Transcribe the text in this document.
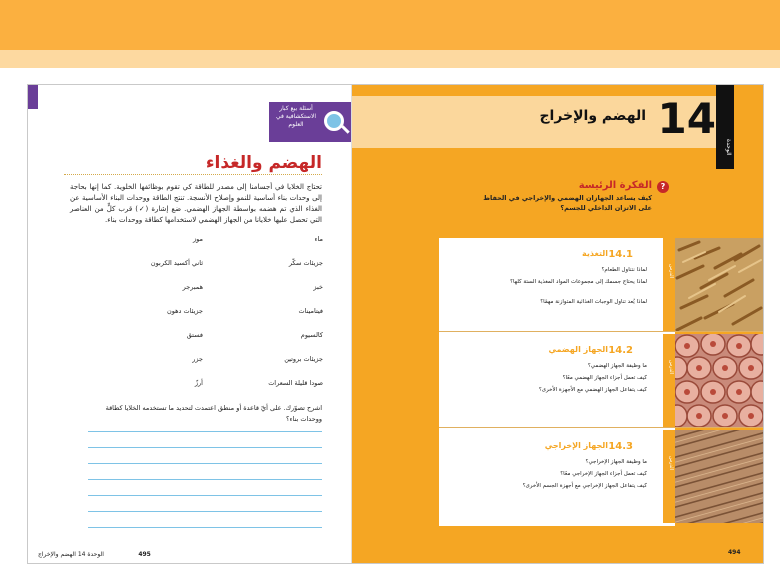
أسئلة بيع كبار الاستكشافية في العلوم
الهضم والغذاء
تحتاج الخلايا في أجسامنا إلى مصدر للطاقة كي تقوم بوظائفها الخلوية. كما إنها بحاجة إلى وحدات بناء أساسية للنمو وإصلاح الأنسجة. تنتج الطاقة ووحدات البناء الأساسية عن الغذاء الذي تم هضمه بواسطة الجهاز الهضمي. ضع إشارة (✓) قرب كلٍّ من العناصر التي تحصل عليها خلايانا من الجهاز الهضمي لاستخدامها كطاقة ووحدات بناء.
ماء
موز
جزيئات سكّر
ثاني أكسيد الكربون
خبز
همبرجر
فيتامينات
جزيئات دهون
كالسيوم
فستق
جزيئات بروتين
جزر
صودا قليلة السعرات
أرزّ
اشرح تصوّرك. على أيّ قاعدة أو منطق اعتمدت لتحديد ما تستخدمه الخلايا كطاقة ووحدات بناء؟
495                  الوحدة 14 الهضم والإخراج
14
الهضم والإخراج
الوحدة
?
الفكرة الرئيسة
كيف يساعد الجهازان الهضمي والإخراجي في الحفاظ على الاتزان الداخلي للجسم؟
14.1
التغذية
لماذا نتناول الطعام؟
لماذا يحتاج جسمك إلى مجموعات المواد المغذية الستة كلها؟
لماذا يُعد تناول الوجبات الغذائية المتوازنة مهمًا؟
الدرس
14.2
الجهاز الهضمي
ما وظيفة الجهاز الهضمي؟
كيف تعمل أجزاء الجهاز الهضمي معًا؟
كيف يتفاعل الجهاز الهضمي مع الأجهزة الأخرى؟
الدرس
14.3
الجهاز الإخراجي
ما وظيفة الجهاز الإخراجي؟
كيف تعمل أجزاء الجهاز الإخراجي معًا؟
كيف يتفاعل الجهاز الإخراجي مع أجهزة الجسم الأخرى؟
الدرس
494
